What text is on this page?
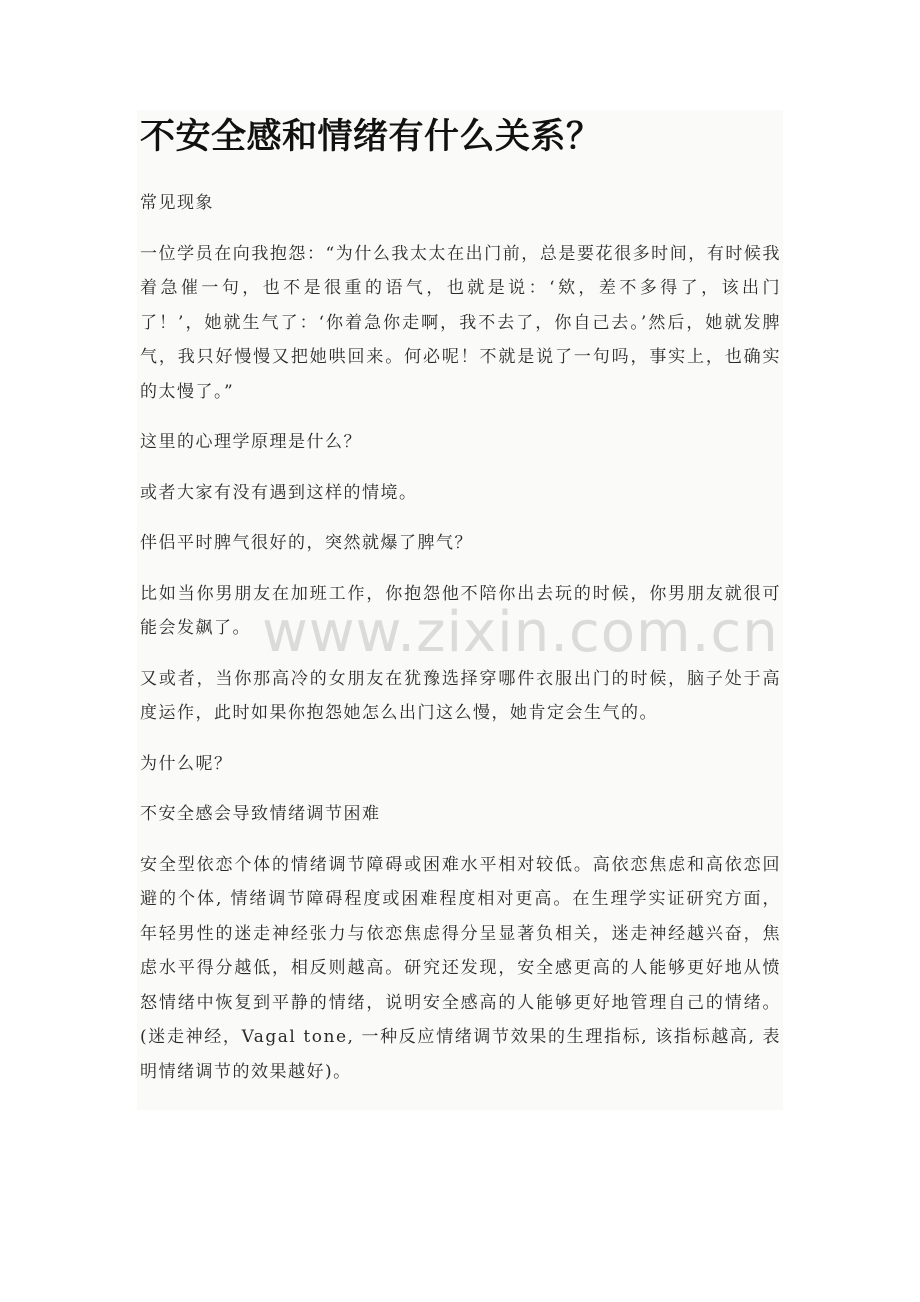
不安全感和情绪有什么关系？

常见现象

一位学员在向我抱怨：“为什么我太太在出门前，总是要花很多时间，有时候我着急催一句，也不是很重的语气，也就是说：‘欸，差不多得了，该出门了！’，她就生气了：‘你着急你走啊，我不去了，你自己去。’然后，她就发脾气，我只好慢慢又把她哄回来。何必呢！不就是说了一句吗，事实上，也确实的太慢了。”

这里的心理学原理是什么？

或者大家有没有遇到这样的情境。

伴侣平时脾气很好的，突然就爆了脾气？

比如当你男朋友在加班工作，你抱怨他不陪你出去玩的时候，你男朋友就很可能会发飙了。

又或者，当你那高冷的女朋友在犹豫选择穿哪件衣服出门的时候，脑子处于高度运作，此时如果你抱怨她怎么出门这么慢，她肯定会生气的。

为什么呢？

不安全感会导致情绪调节困难

安全型依恋个体的情绪调节障碍或困难水平相对较低。高依恋焦虑和高依恋回避的个体, 情绪调节障碍程度或困难程度相对更高。在生理学实证研究方面，年轻男性的迷走神经张力与依恋焦虑得分呈显著负相关，迷走神经越兴奋，焦虑水平得分越低，相反则越高。研究还发现，安全感更高的人能够更好地从愤怒情绪中恢复到平静的情绪，说明安全感高的人能够更好地管理自己的情绪。(迷走神经，Vagal tone, 一种反应情绪调节效果的生理指标, 该指标越高, 表明情绪调节的效果越好)。

www.zixin.com.cn
